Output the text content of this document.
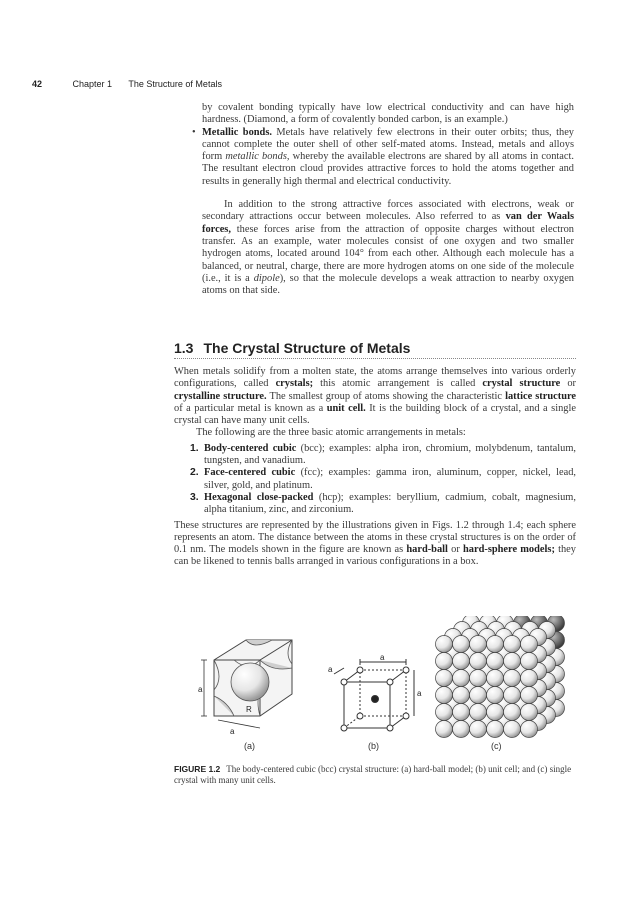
42	Chapter 1 The Structure of Metals

by covalent bonding typically have low electrical conductivity and can have high hardness. (Diamond, a form of covalently bonded carbon, is an example.)

• Metallic bonds. Metals have relatively few electrons in their outer orbits; thus, they cannot complete the outer shell of other self-mated atoms. Instead, metals and alloys form metallic bonds, whereby the available electrons are shared by all atoms in contact. The resultant electron cloud provides attractive forces to hold the atoms together and results in generally high thermal and electrical conductivity.

In addition to the strong attractive forces associated with electrons, weak or secondary attractions occur between molecules. Also referred to as van der Waals forces, these forces arise from the attraction of opposite charges without electron transfer. As an example, water molecules consist of one oxygen and two smaller hydrogen atoms, located around 104° from each other. Although each molecule has a balanced, or neutral, charge, there are more hydrogen atoms on one side of the molecule (i.e., it is a dipole), so that the molecule develops a weak attraction to nearby oxygen atoms on that side.

1.3 The Crystal Structure of Metals

When metals solidify from a molten state, the atoms arrange themselves into various orderly configurations, called crystals; this atomic arrangement is called crystal structure or crystalline structure. The smallest group of atoms showing the characteristic lattice structure of a particular metal is known as a unit cell. It is the building block of a crystal, and a single crystal can have many unit cells.

The following are the three basic atomic arrangements in metals:

1. Body-centered cubic (bcc); examples: alpha iron, chromium, molybdenum, tantalum, tungsten, and vanadium.
2. Face-centered cubic (fcc); examples: gamma iron, aluminum, copper, nickel, lead, silver, gold, and platinum.
3. Hexagonal close-packed (hcp); examples: beryllium, cadmium, cobalt, magnesium, alpha titanium, zinc, and zirconium.

These structures are represented by the illustrations given in Figs. 1.2 through 1.4; each sphere represents an atom. The distance between the atoms in these crystal structures is on the order of 0.1 nm. The models shown in the figure are known as hard-ball or hard-sphere models; they can be likened to tennis balls arranged in various configurations in a box.

R
a
a
a
a
a
(a)	(b)	(c)
FIGURE 1.2 The body-centered cubic (bcc) crystal structure: (a) hard-ball model; (b) unit cell; and (c) single crystal with many unit cells.
